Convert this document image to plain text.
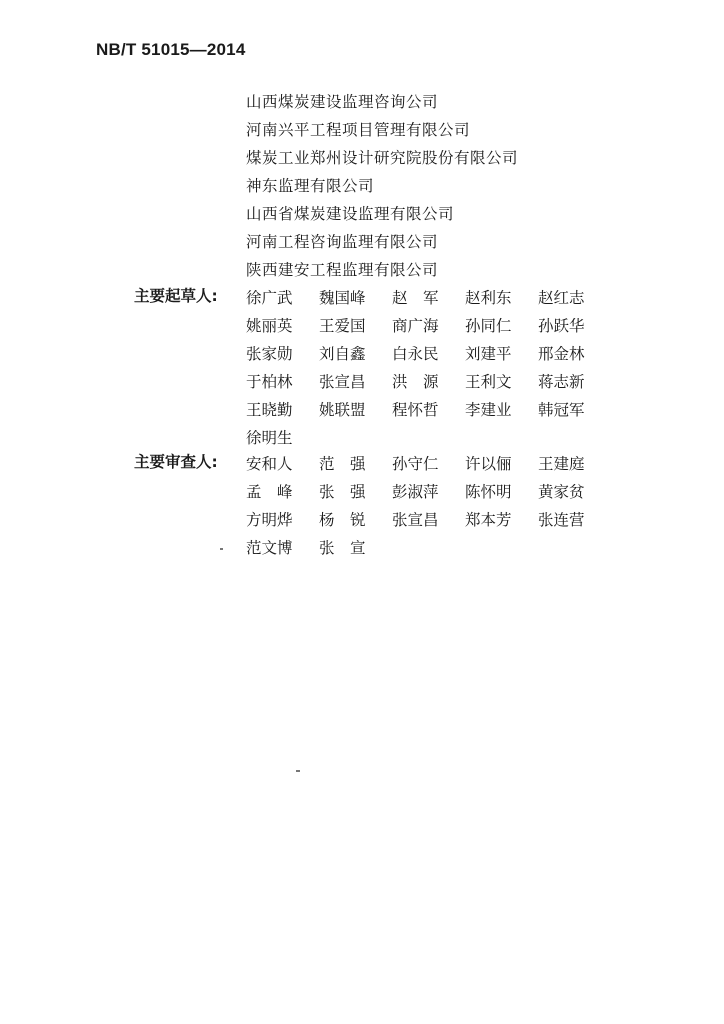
NB/T 51015—2014
山西煤炭建设监理咨询公司
河南兴平工程项目管理有限公司
煤炭工业郑州设计研究院股份有限公司
神东监理有限公司
山西省煤炭建设监理有限公司
河南工程咨询监理有限公司
陕西建安工程监理有限公司
主要起草人: 徐广武	魏国峰	赵　军	赵利东	赵红志
姚丽英	王爱国	商广海	孙同仁	孙跃华
张家勋	刘自鑫	白永民	刘建平	邢金林
于柏林	张宣昌	洪　源	王利文	蒋志新
王晓勤	姚联盟	程怀哲	李建业	韩冠军
徐明生
主要审查人: 安和人	范　强	孙守仁	许以俪	王建庭
孟　峰	张　强	彭淑萍	陈怀明	黄家贫
方明烨	杨　锐	张宣昌	郑本芳	张连营
范文博	张　宣
